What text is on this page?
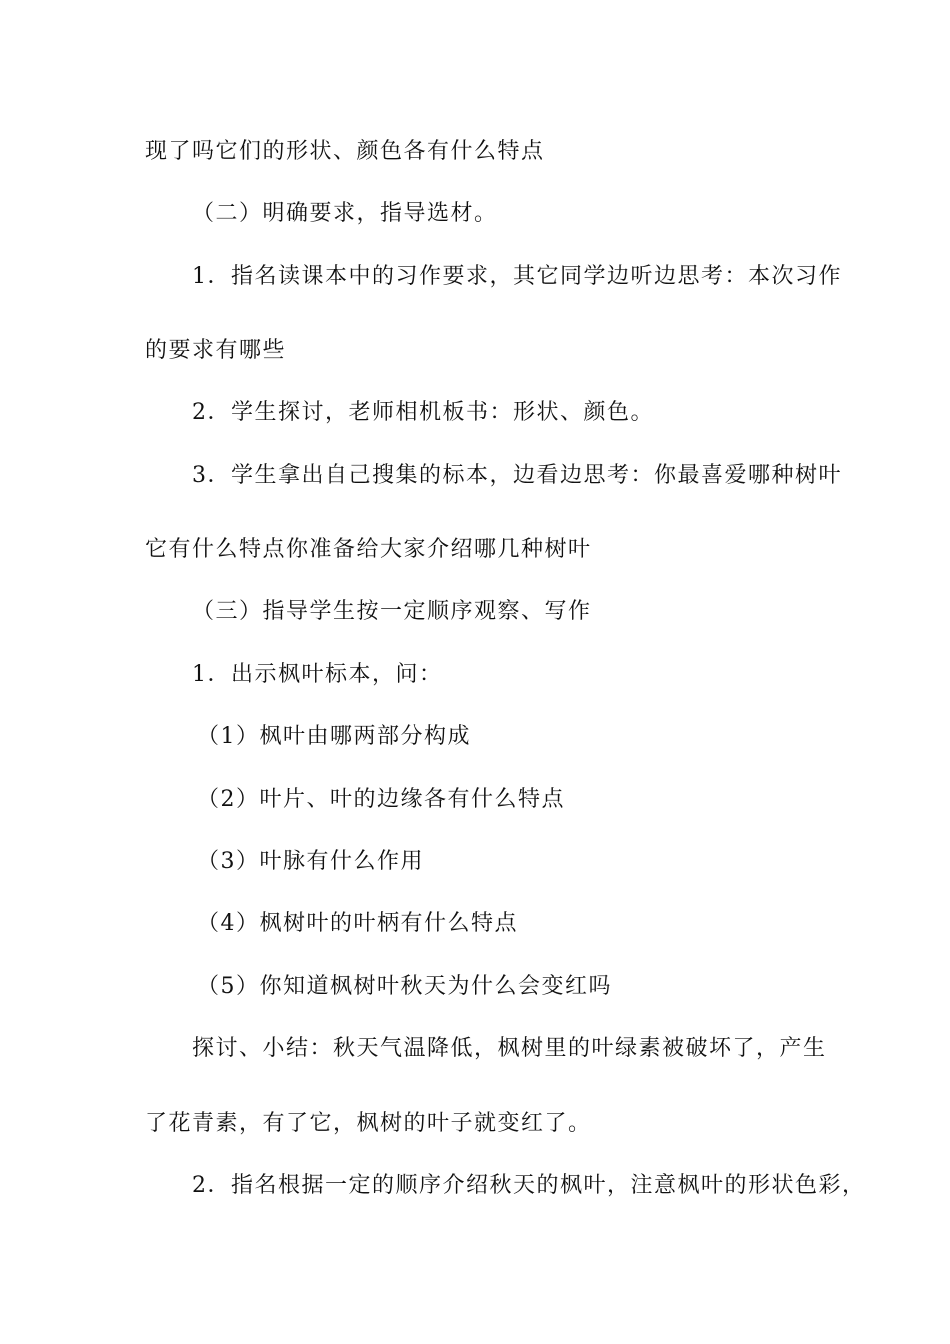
现了吗它们的形状、颜色各有什么特点
（二）明确要求，指导选材。
1．指名读课本中的习作要求，其它同学边听边思考：本次习作
的要求有哪些
2．学生探讨，老师相机板书：形状、颜色。
3．学生拿出自己搜集的标本，边看边思考：你最喜爱哪种树叶
它有什么特点你准备给大家介绍哪几种树叶
（三）指导学生按一定顺序观察、写作
1．出示枫叶标本，问：
（1）枫叶由哪两部分构成
（2）叶片、叶的边缘各有什么特点
（3）叶脉有什么作用
（4）枫树叶的叶柄有什么特点
（5）你知道枫树叶秋天为什么会变红吗
探讨、小结：秋天气温降低，枫树里的叶绿素被破坏了，产生
了花青素，有了它，枫树的叶子就变红了。
2．指名根据一定的顺序介绍秋天的枫叶，注意枫叶的形状色彩，
